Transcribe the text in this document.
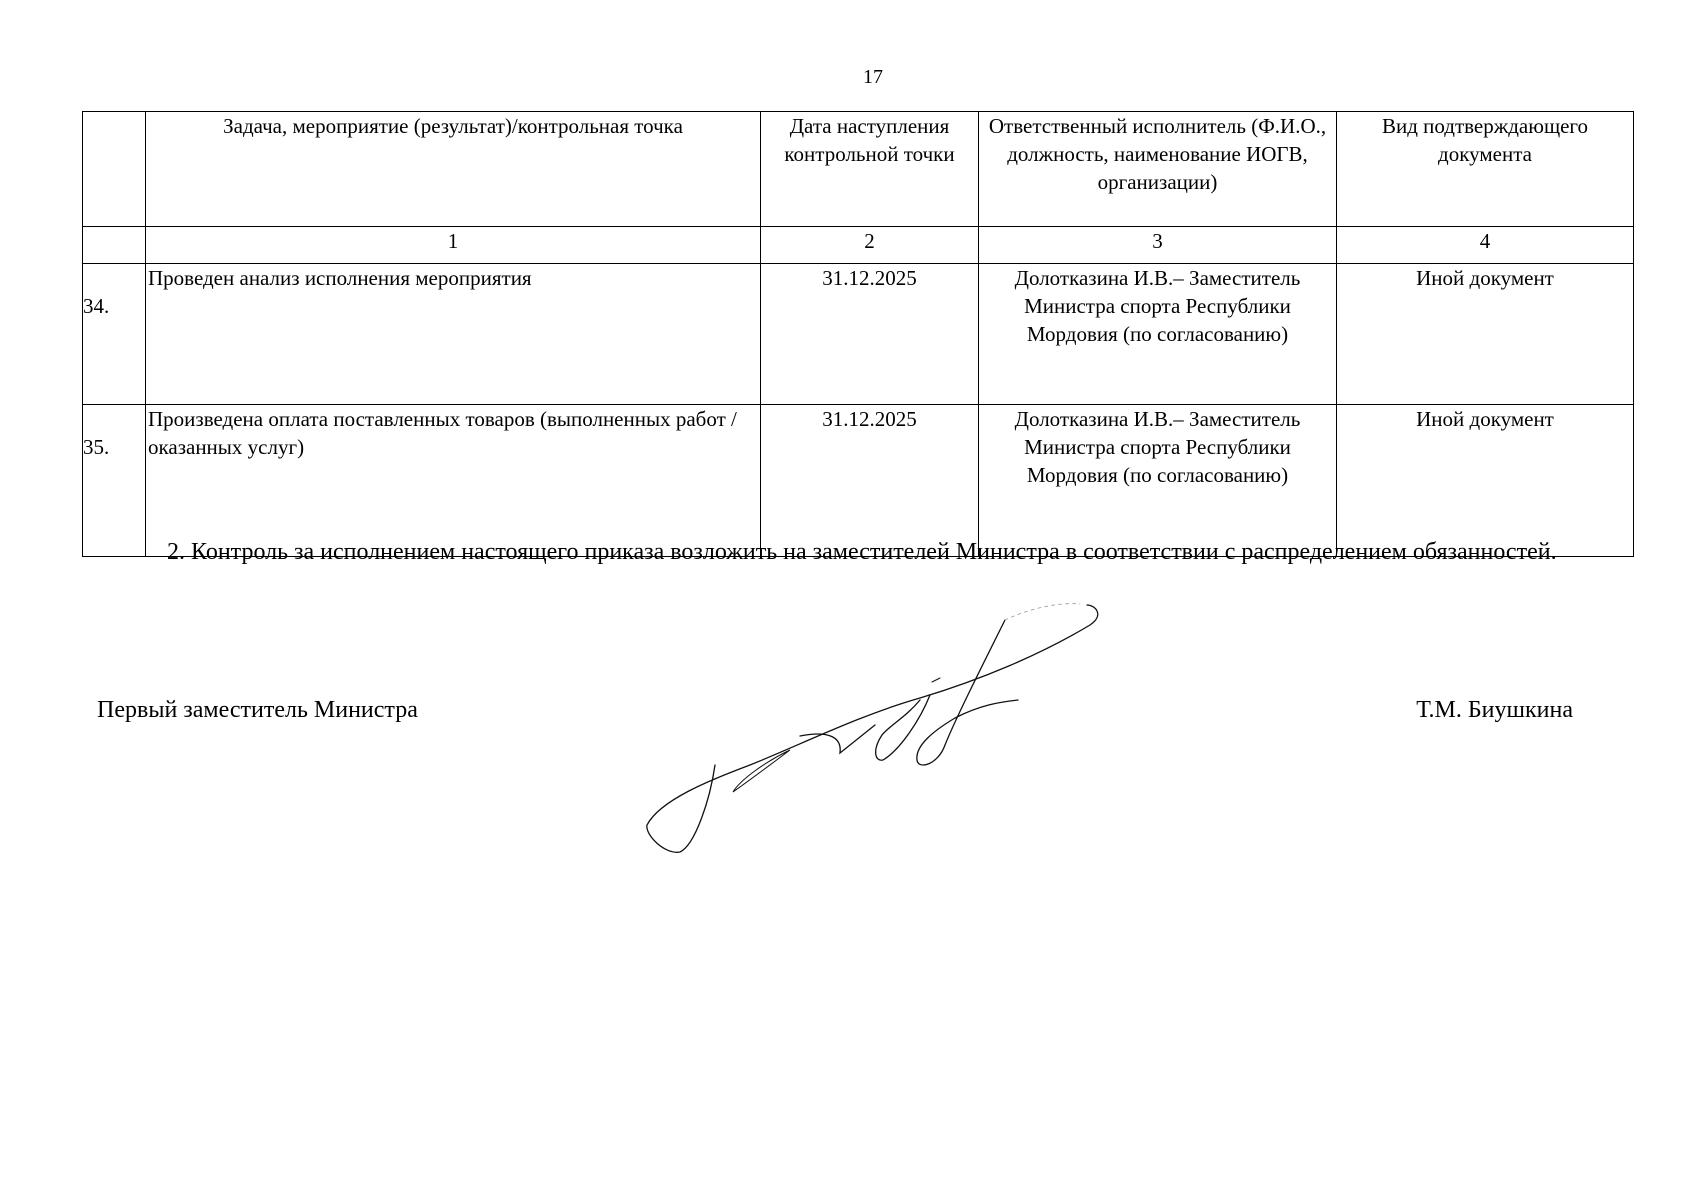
17
	Задача, мероприятие (результат)/контрольная точка	Дата наступления контрольной точки	Ответственный исполнитель (Ф.И.О., должность, наименование ИОГВ, организации)	Вид подтверждающего документа
	1	2	3	4
34.	Проведен анализ исполнения мероприятия	31.12.2025	Долотказина И.В.– Заместитель Министра спорта Республики Мордовия (по согласованию)	Иной документ
35.	Произведена оплата поставленных товаров (выполненных работ / оказанных услуг)	31.12.2025	Долотказина И.В.– Заместитель Министра спорта Республики Мордовия (по согласованию)	Иной документ
2. Контроль за исполнением настоящего приказа возложить на заместителей Министра в соответствии с распределением обязанностей.
Первый заместитель Министра	Т.М. Биушкина
